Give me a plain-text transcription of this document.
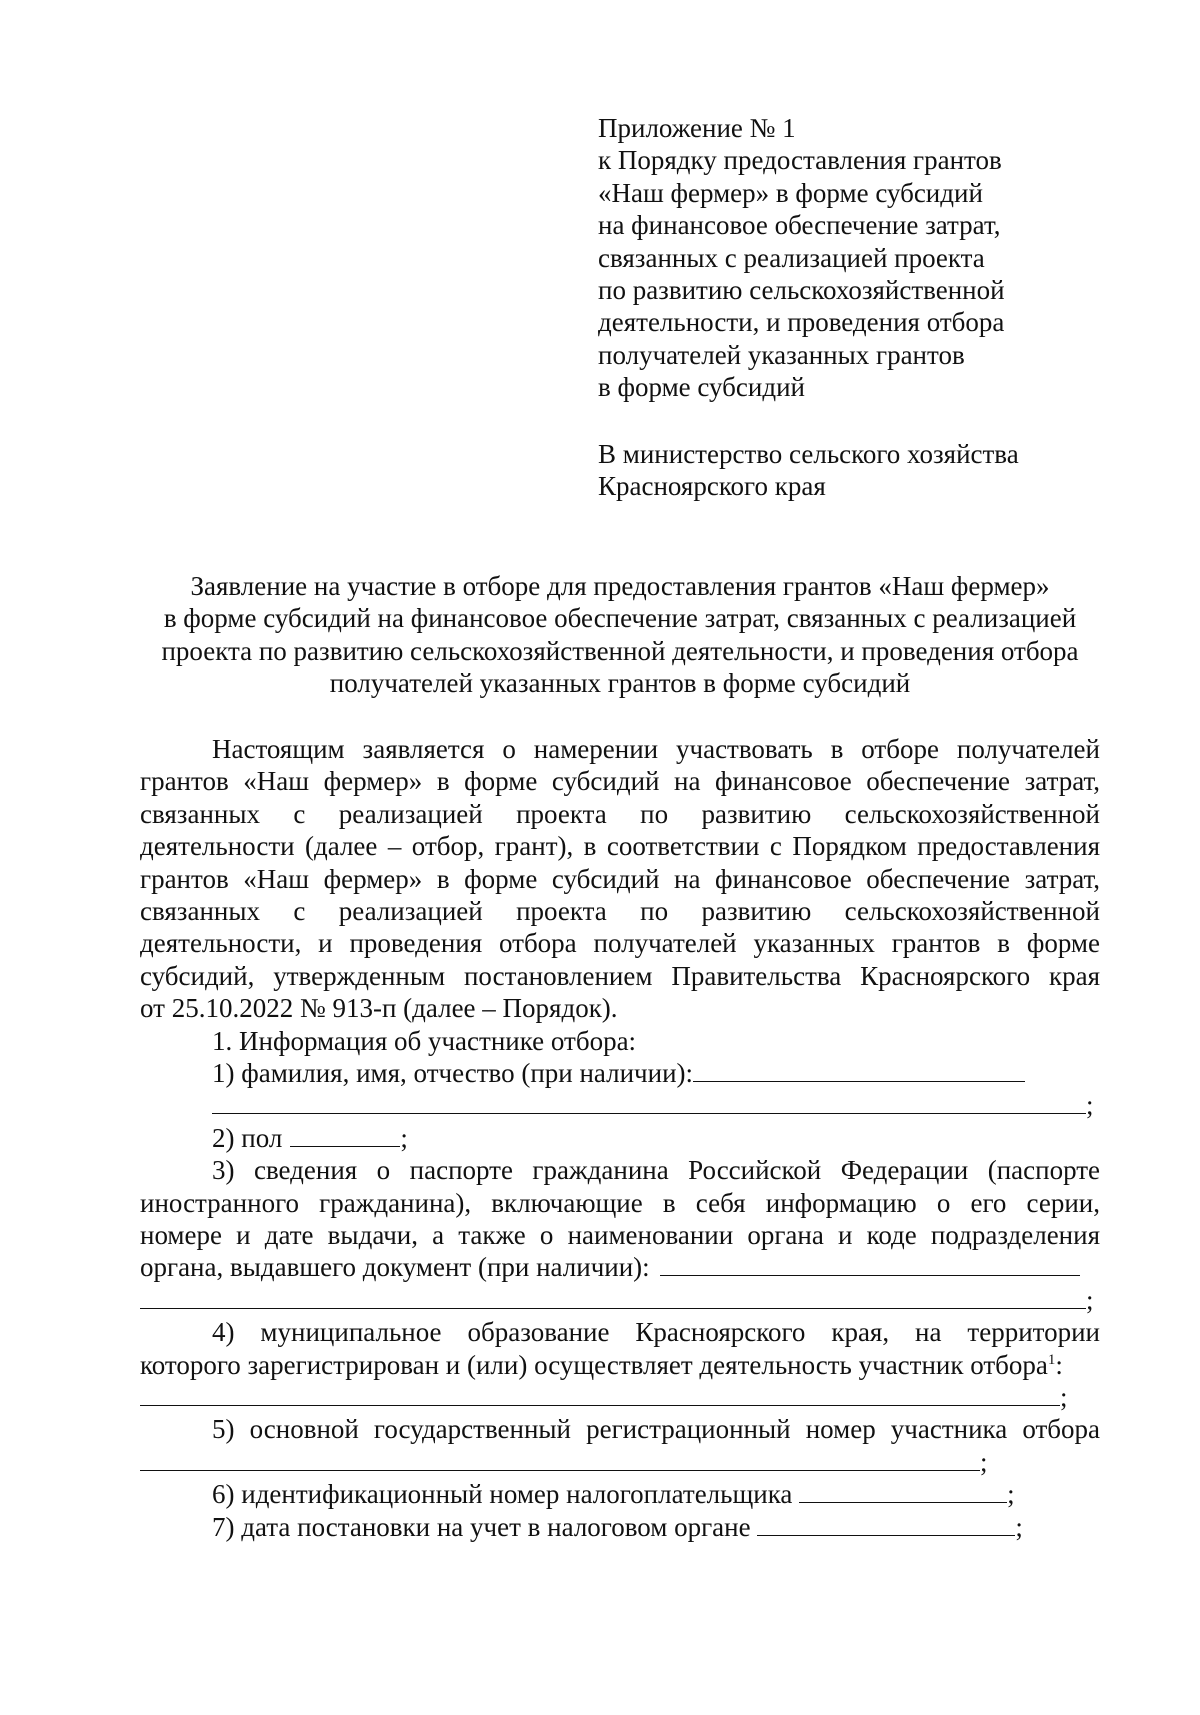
Приложение № 1
к Порядку предоставления грантов
«Наш фермер» в форме субсидий
на финансовое обеспечение затрат,
связанных с реализацией проекта
по развитию сельскохозяйственной
деятельности, и проведения отбора
получателей указанных грантов
в форме субсидий
В министерство сельского хозяйства
Красноярского края
Заявление на участие в отборе для предоставления грантов «Наш фермер»
в форме субсидий на финансовое обеспечение затрат, связанных с реализацией
проекта по развитию сельскохозяйственной деятельности, и проведения отбора
получателей указанных грантов в форме субсидий
Настоящим заявляется о намерении участвовать в отборе получателей
грантов «Наш фермер» в форме субсидий на финансовое обеспечение затрат,
связанных с реализацией проекта по развитию сельскохозяйственной
деятельности (далее – отбор, грант), в соответствии с Порядком предоставления
грантов «Наш фермер» в форме субсидий на финансовое обеспечение затрат,
связанных с реализацией проекта по развитию сельскохозяйственной
деятельности, и проведения отбора получателей указанных грантов в форме
субсидий, утвержденным постановлением Правительства Красноярского края
от 25.10.2022 № 913-п (далее – Порядок).
1. Информация об участнике отбора:
1) фамилия, имя, отчество (при наличии):
;
2) пол	;
3) сведения о паспорте гражданина Российской Федерации (паспорте
иностранного гражданина), включающие в себя информацию о его серии,
номере и дате выдачи, а также о наименовании органа и коде подразделения
органа, выдавшего документ (при наличии):
;
4) муниципальное образование Красноярского края, на территории
которого зарегистрирован и (или) осуществляет деятельность участник отбора$^1$:
;
5) основной государственный регистрационный номер участника отбора
;
6) идентификационный номер налогоплательщика	;
7) дата постановки на учет в налоговом органе	;
